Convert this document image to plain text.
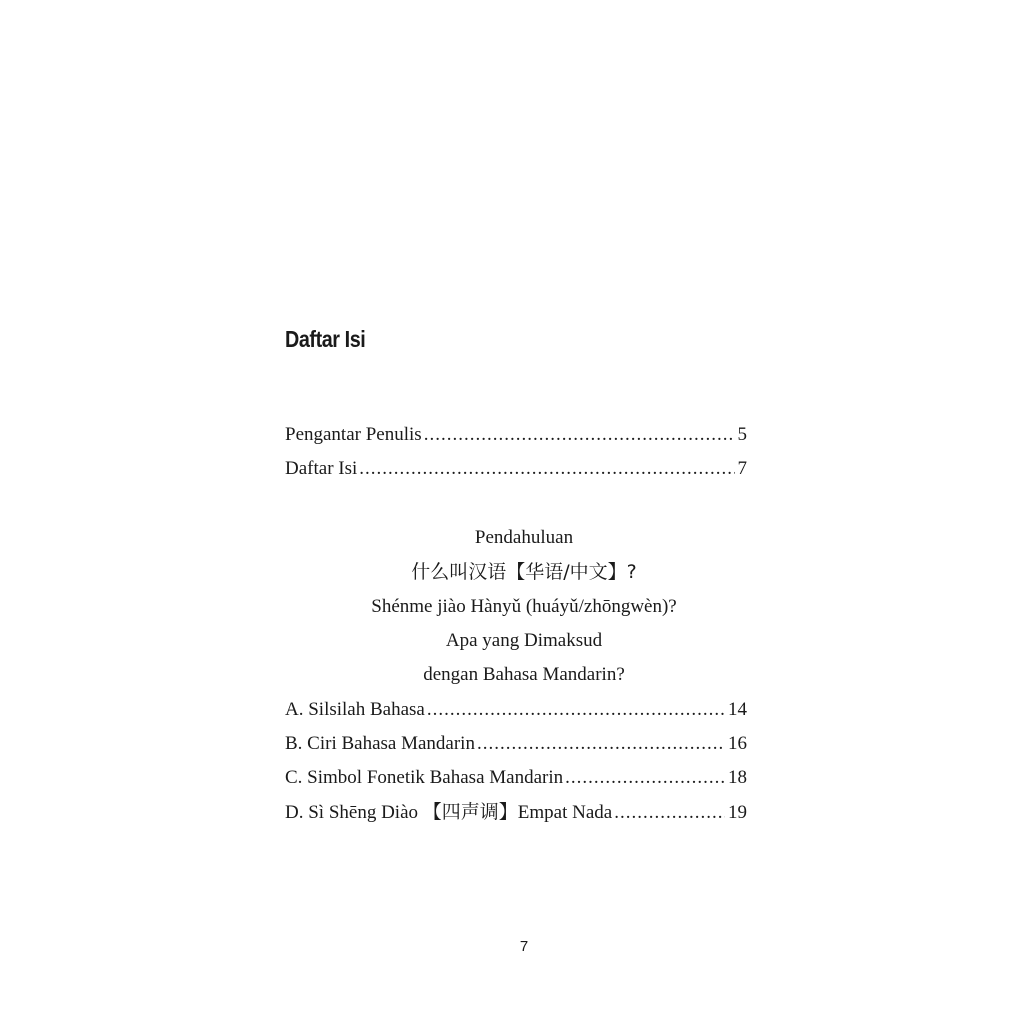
Daftar Isi
Pengantar Penulis .....	5
Daftar Isi .....	7
Pendahuluan
什么叫汉语【华语/中文】?
Shénme jiào Hànyǔ (huáyǔ/zhōngwèn)?
Apa yang Dimaksud
dengan Bahasa Mandarin?
A. Silsilah Bahasa .....	14
B. Ciri Bahasa Mandarin .....	16
C. Simbol Fonetik Bahasa Mandarin .....	18
D. Sì Shēng Diào 【四声调】Empat Nada .....	19
7
